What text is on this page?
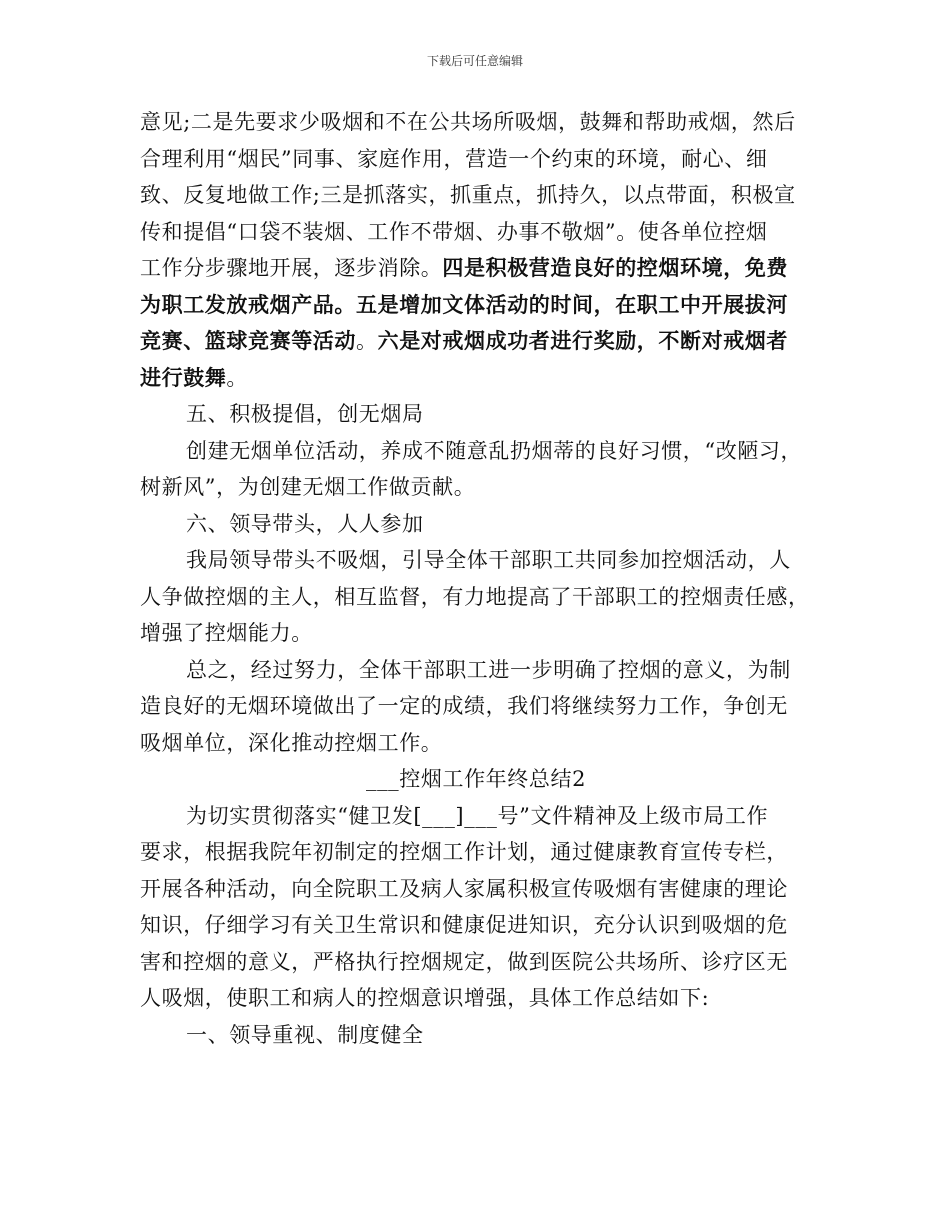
下载后可任意编辑
意见;二是先要求少吸烟和不在公共场所吸烟，鼓舞和帮助戒烟，然后
合理利用“烟民”同事、家庭作用，营造一个约束的环境，耐心、细
致、反复地做工作;三是抓落实，抓重点，抓持久，以点带面，积极宣
传和提倡“口袋不装烟、工作不带烟、办事不敬烟”。使各单位控烟
工作分步骤地开展，逐步消除。四是积极营造良好的控烟环境，免费
为职工发放戒烟产品。五是增加文体活动的时间，在职工中开展拔河
竞赛、篮球竞赛等活动。六是对戒烟成功者进行奖励，不断对戒烟者
进行鼓舞。
五、积极提倡，创无烟局
创建无烟单位活动，养成不随意乱扔烟蒂的良好习惯，“改陋习，
树新风”，为创建无烟工作做贡献。
六、领导带头，人人参加
我局领导带头不吸烟，引导全体干部职工共同参加控烟活动，人
人争做控烟的主人，相互监督，有力地提高了干部职工的控烟责任感，
增强了控烟能力。
总之，经过努力，全体干部职工进一步明确了控烟的意义，为制
造良好的无烟环境做出了一定的成绩，我们将继续努力工作，争创无
吸烟单位，深化推动控烟工作。
___控烟工作年终总结2
为切实贯彻落实“健卫发[___]___号”文件精神及上级市局工作
要求，根据我院年初制定的控烟工作计划，通过健康教育宣传专栏，
开展各种活动，向全院职工及病人家属积极宣传吸烟有害健康的理论
知识，仔细学习有关卫生常识和健康促进知识，充分认识到吸烟的危
害和控烟的意义，严格执行控烟规定，做到医院公共场所、诊疗区无
人吸烟，使职工和病人的控烟意识增强，具体工作总结如下:
一、领导重视、制度健全
